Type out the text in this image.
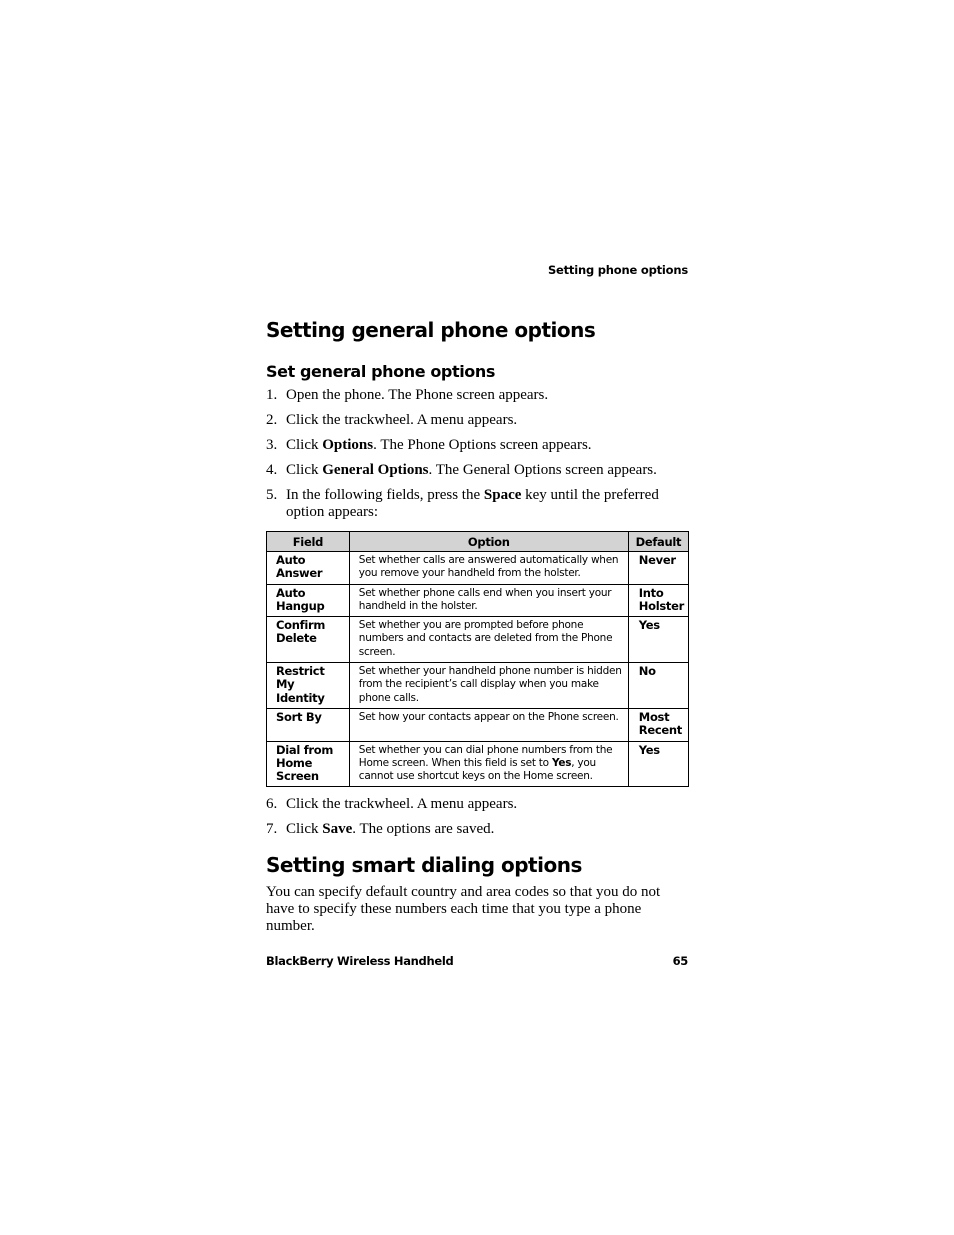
Setting phone options
Setting general phone options
Set general phone options
1. Open the phone. The Phone screen appears.
2. Click the trackwheel. A menu appears.
3. Click Options. The Phone Options screen appears.
4. Click General Options. The General Options screen appears.
5. In the following fields, press the Space key until the preferred option appears:
Field	Option	Default
Auto Answer	Set whether calls are answered automatically when you remove your handheld from the holster.	Never
Auto Hangup	Set whether phone calls end when you insert your handheld in the holster.	Into Holster
Confirm Delete	Set whether you are prompted before phone numbers and contacts are deleted from the Phone screen.	Yes
Restrict My Identity	Set whether your handheld phone number is hidden from the recipient’s call display when you make phone calls.	No
Sort By	Set how your contacts appear on the Phone screen.	Most Recent
Dial from Home Screen	Set whether you can dial phone numbers from the Home screen. When this field is set to Yes, you cannot use shortcut keys on the Home screen.	Yes
6. Click the trackwheel. A menu appears.
7. Click Save. The options are saved.
Setting smart dialing options

You can specify default country and area codes so that you do not have to specify these numbers each time that you type a phone number.

BlackBerry Wireless Handheld	65
